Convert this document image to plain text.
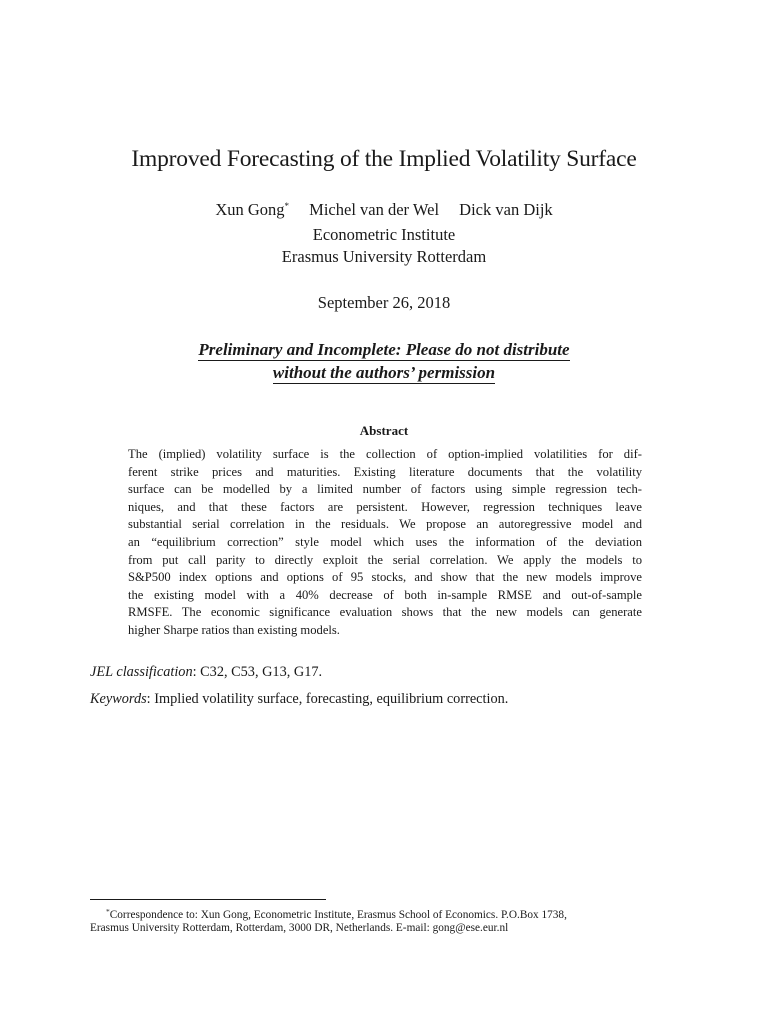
Improved Forecasting of the Implied Volatility Surface
Xun Gong* Michel van der Wel Dick van Dijk
Econometric Institute
Erasmus University Rotterdam
September 26, 2018
Preliminary and Incomplete: Please do not distribute
without the authors’ permission
Abstract
The (implied) volatility surface is the collection of option-implied volatilities for dif-
ferent strike prices and maturities. Existing literature documents that the volatility
surface can be modelled by a limited number of factors using simple regression tech-
niques, and that these factors are persistent. However, regression techniques leave
substantial serial correlation in the residuals. We propose an autoregressive model and
an “equilibrium correction” style model which uses the information of the deviation
from put call parity to directly exploit the serial correlation. We apply the models to
S&P500 index options and options of 95 stocks, and show that the new models improve
the existing model with a 40% decrease of both in-sample RMSE and out-of-sample
RMSFE. The economic significance evaluation shows that the new models can generate
higher Sharpe ratios than existing models.
JEL classification: C32, C53, G13, G17.
Keywords: Implied volatility surface, forecasting, equilibrium correction.
*Correspondence to: Xun Gong, Econometric Institute, Erasmus School of Economics. P.O.Box 1738,
Erasmus University Rotterdam, Rotterdam, 3000 DR, Netherlands. E-mail: gong@ese.eur.nl
